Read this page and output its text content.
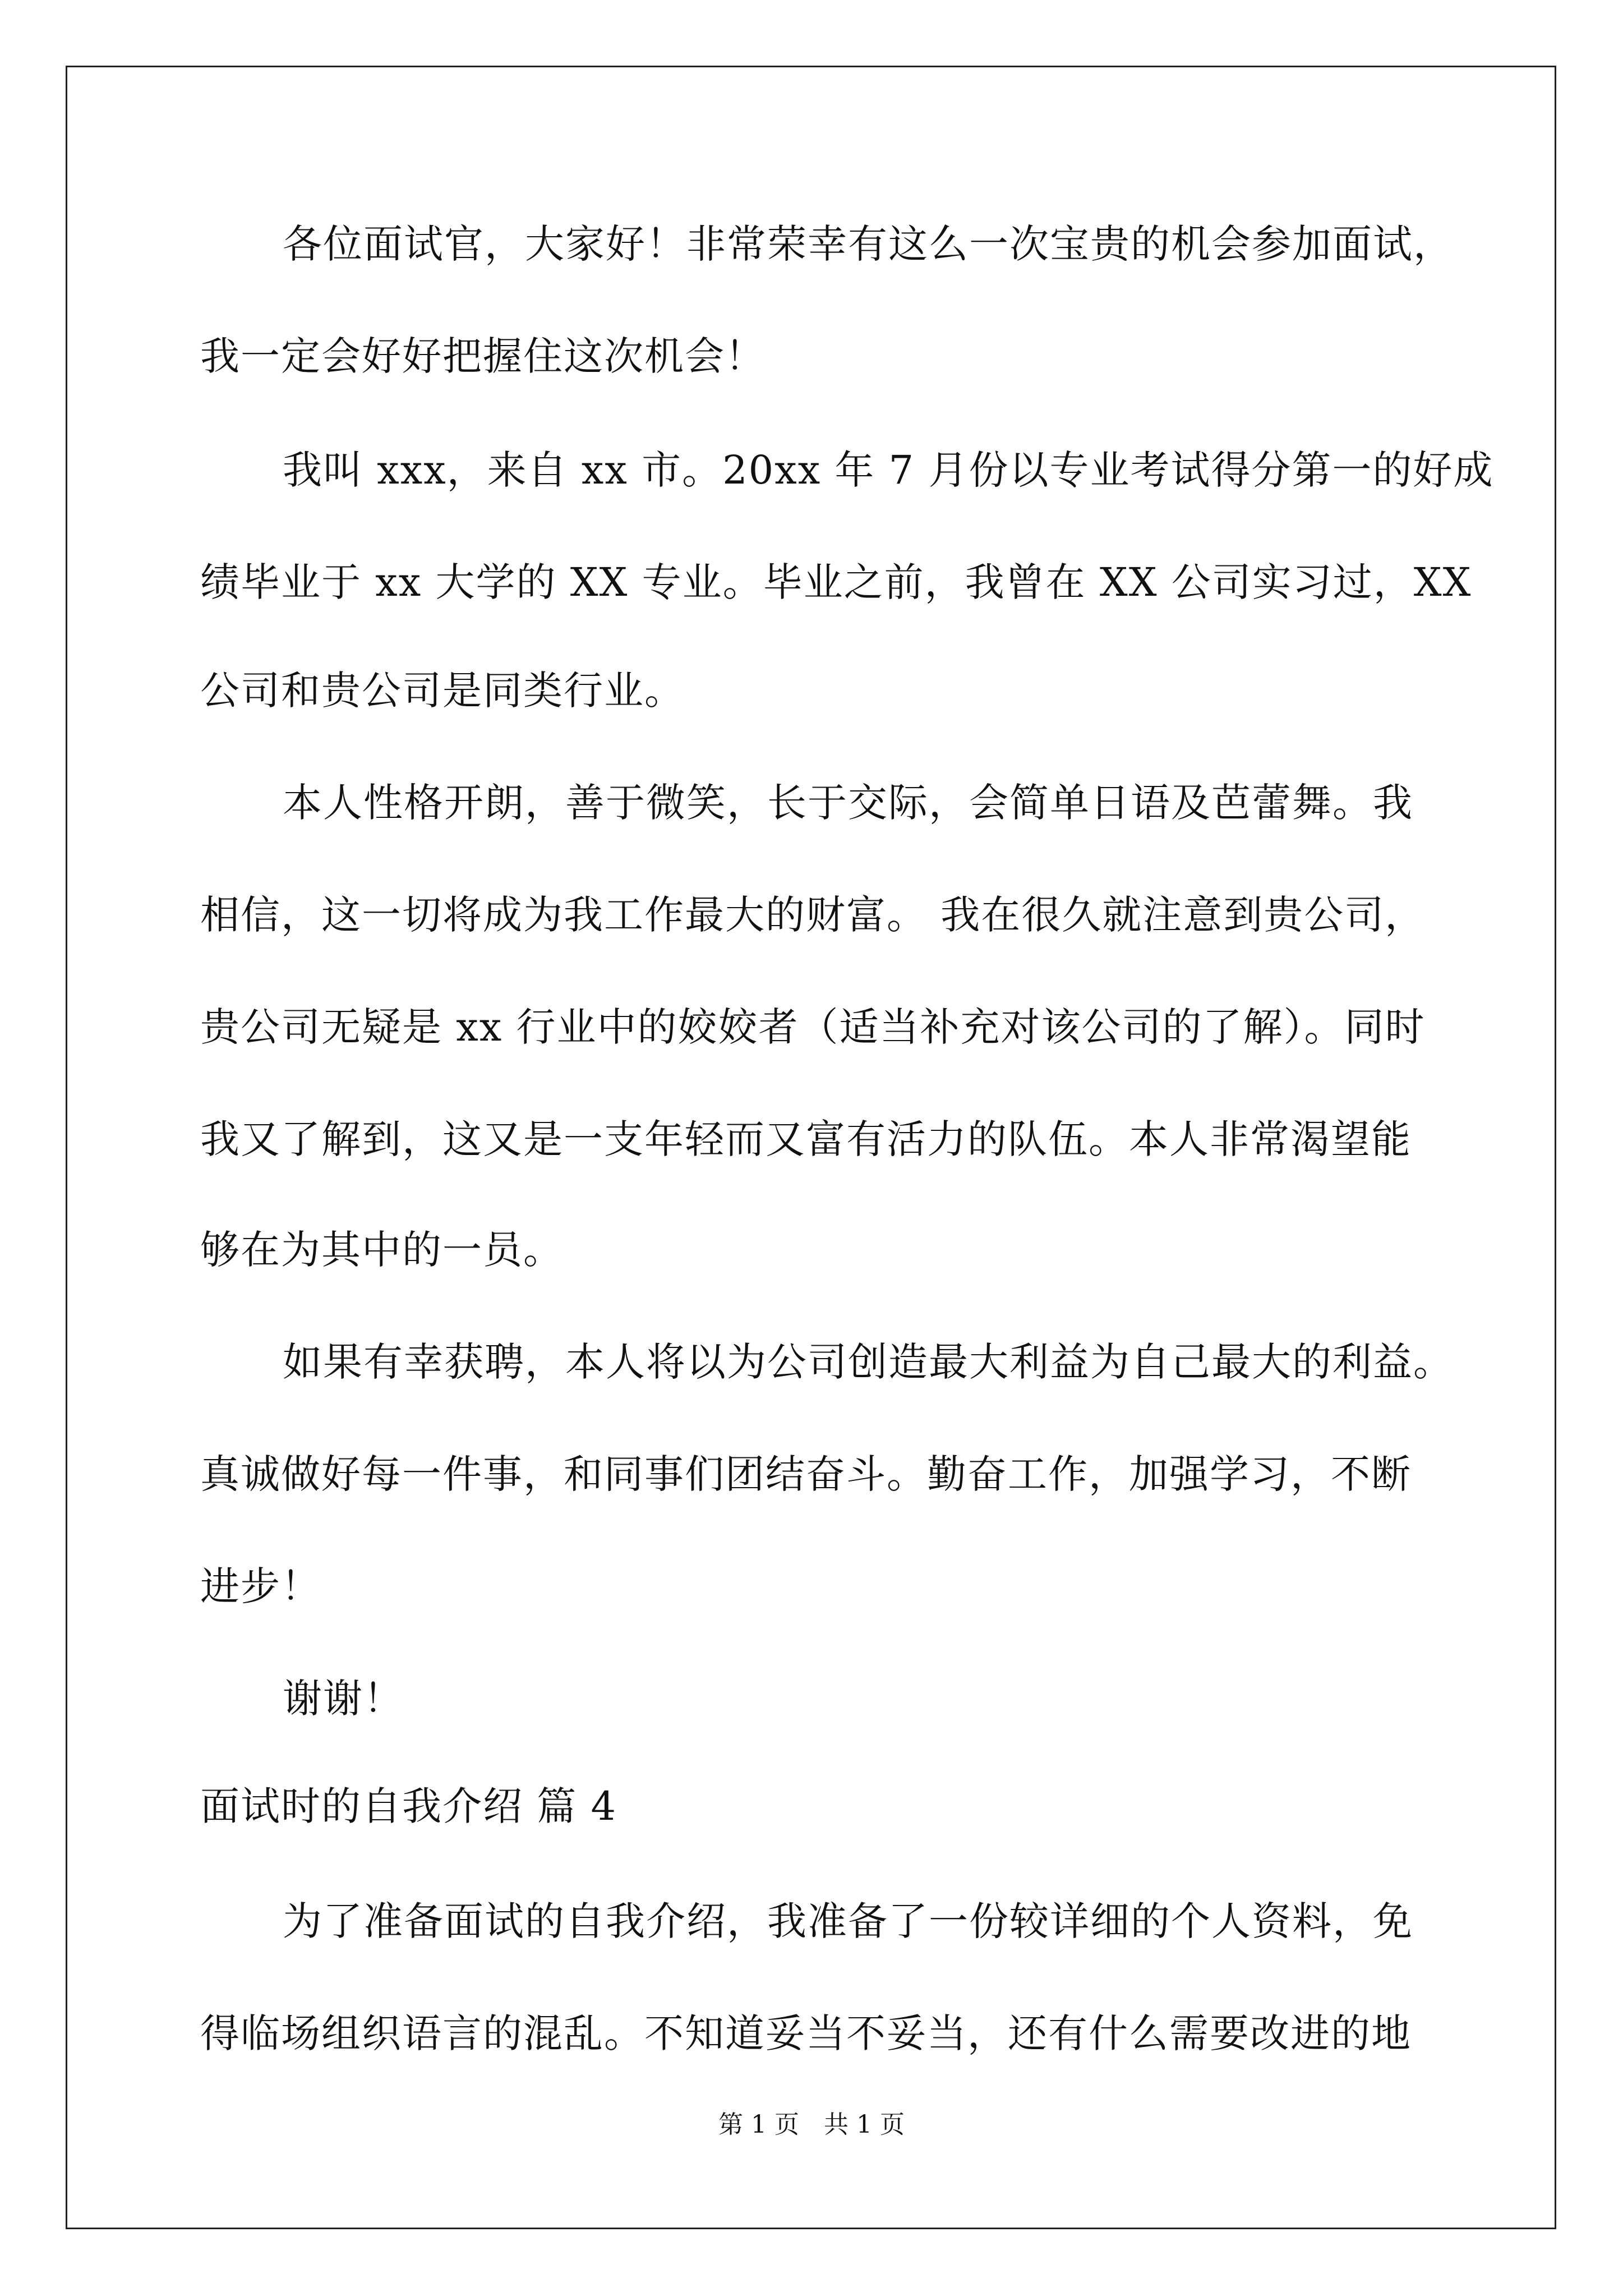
各位面试官，大家好！非常荣幸有这么一次宝贵的机会参加面试，
我一定会好好把握住这次机会！
我叫 xxx，来自 xx 市。20xx 年 7 月份以专业考试得分第一的好成
绩毕业于 xx 大学的 XX 专业。毕业之前，我曾在 XX 公司实习过，XX
公司和贵公司是同类行业。
本人性格开朗，善于微笑，长于交际，会简单日语及芭蕾舞。我
相信，这一切将成为我工作最大的财富。 我在很久就注意到贵公司，
贵公司无疑是 xx 行业中的姣姣者（适当补充对该公司的了解）。同时
我又了解到，这又是一支年轻而又富有活力的队伍。本人非常渴望能
够在为其中的一员。
如果有幸获聘，本人将以为公司创造最大利益为自己最大的利益。
真诚做好每一件事，和同事们团结奋斗。勤奋工作，加强学习，不断
进步！
谢谢！
面试时的自我介绍 篇 4
为了准备面试的自我介绍，我准备了一份较详细的个人资料，免
得临场组织语言的混乱。不知道妥当不妥当，还有什么需要改进的地
第 1 页　共 1 页
